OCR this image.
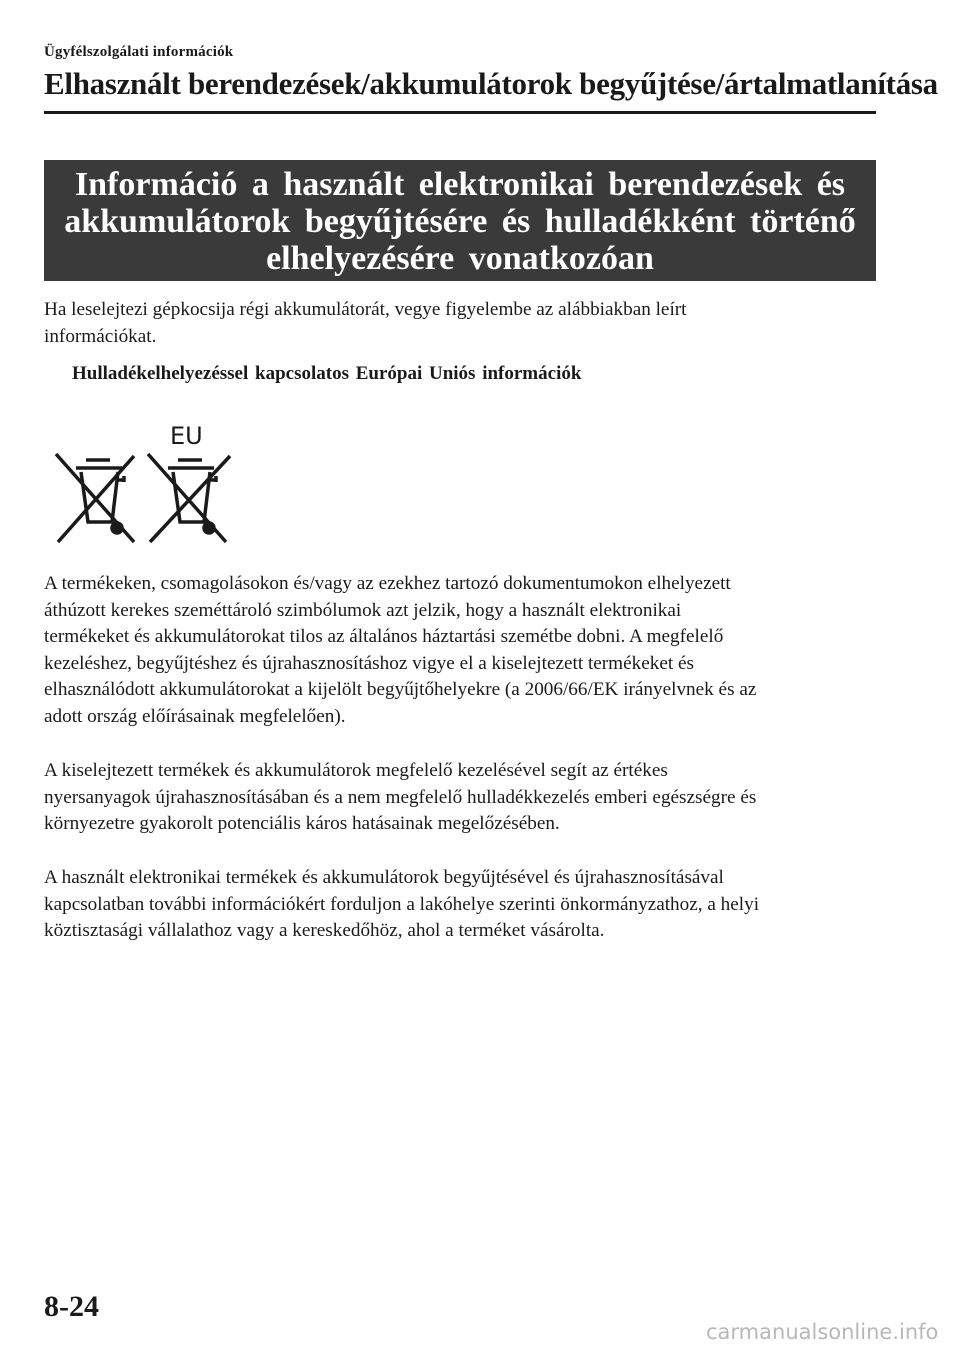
Ügyfélszolgálati információk
Elhasznált berendezések/akkumulátorok begyűjtése/ártalmatlanítása
Információ a használt elektronikai berendezések és
akkumulátorok begyűjtésére és hulladékként történő
elhelyezésére vonatkozóan
Ha leselejtezi gépkocsija régi akkumulátorát, vegye figyelembe az alábbiakban leírt
információkat.
Hulladékelhelyezéssel kapcsolatos Európai Uniós információk
EU
A termékeken, csomagolásokon és/vagy az ezekhez tartozó dokumentumokon elhelyezett
áthúzott kerekes szeméttároló szimbólumok azt jelzik, hogy a használt elektronikai
termékeket és akkumulátorokat tilos az általános háztartási szemétbe dobni. A megfelelő
kezeléshez, begyűjtéshez és újrahasznosításhoz vigye el a kiselejtezett termékeket és
elhasználódott akkumulátorokat a kijelölt begyűjtőhelyekre (a 2006/66/EK irányelvnek és az
adott ország előírásainak megfelelően).
A kiselejtezett termékek és akkumulátorok megfelelő kezelésével segít az értékes
nyersanyagok újrahasznosításában és a nem megfelelő hulladékkezelés emberi egészségre és
környezetre gyakorolt potenciális káros hatásainak megelőzésében.
A használt elektronikai termékek és akkumulátorok begyűjtésével és újrahasznosításával
kapcsolatban további információkért forduljon a lakóhelye szerinti önkormányzathoz, a helyi
köztisztasági vállalathoz vagy a kereskedőhöz, ahol a terméket vásárolta.
8-24
carmanualsonline.info
